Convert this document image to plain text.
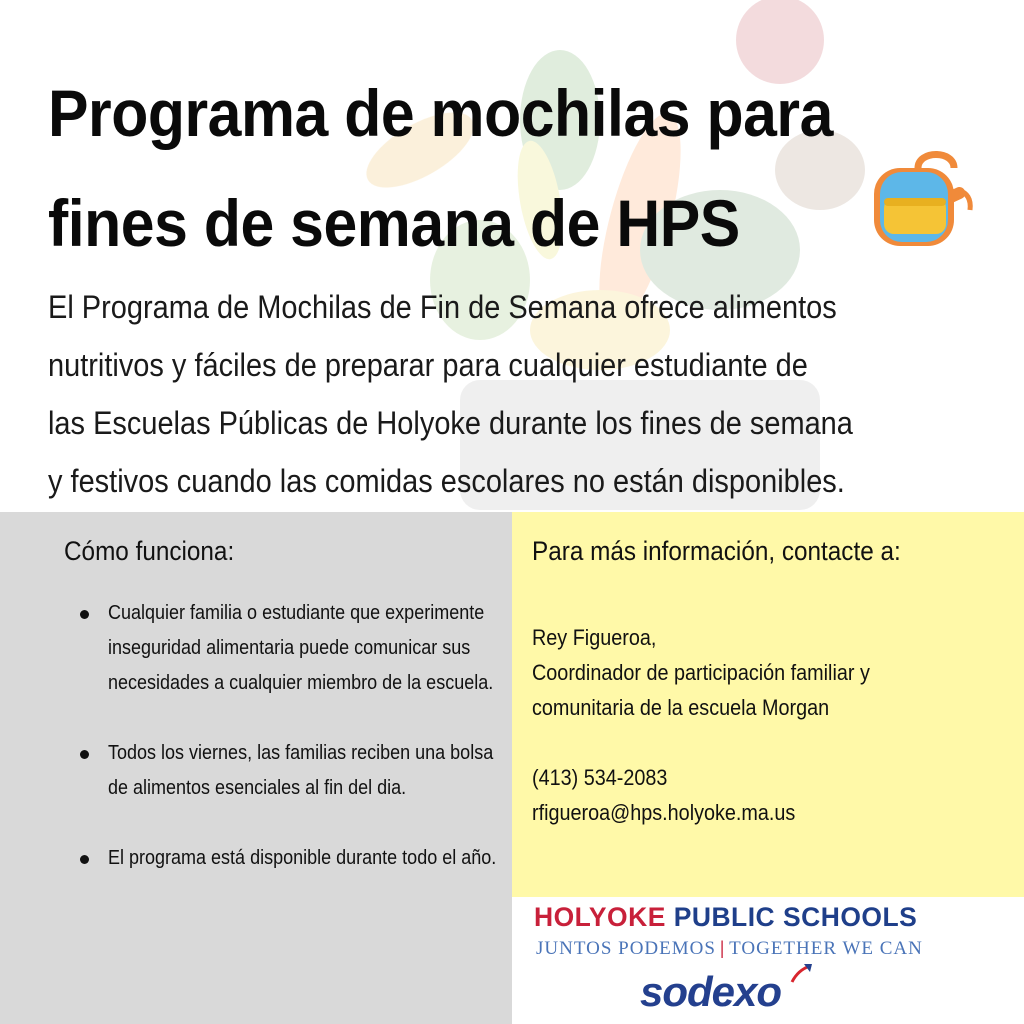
Programa de mochilas para
fines de semana de HPS
El Programa de Mochilas de Fin de Semana ofrece alimentos
nutritivos y fáciles de preparar para cualquier estudiante de
las Escuelas Públicas de Holyoke durante los fines de semana
y festivos cuando las comidas escolares no están disponibles.
Cómo funciona:
Cualquier familia o estudiante que experimente inseguridad alimentaria puede comunicar sus necesidades a cualquier miembro de la escuela.
Todos los viernes, las familias reciben una bolsa de alimentos esenciales al fin del dia.
El programa está disponible durante todo el año.
Para más información, contacte a:
Rey Figueroa,
Coordinador de participación familiar y
comunitaria de la escuela Morgan
(413) 534-2083
rfigueroa@hps.holyoke.ma.us
HOLYOKE PUBLIC SCHOOLS
JUNTOS PODEMOS | TOGETHER WE CAN
sodexo
